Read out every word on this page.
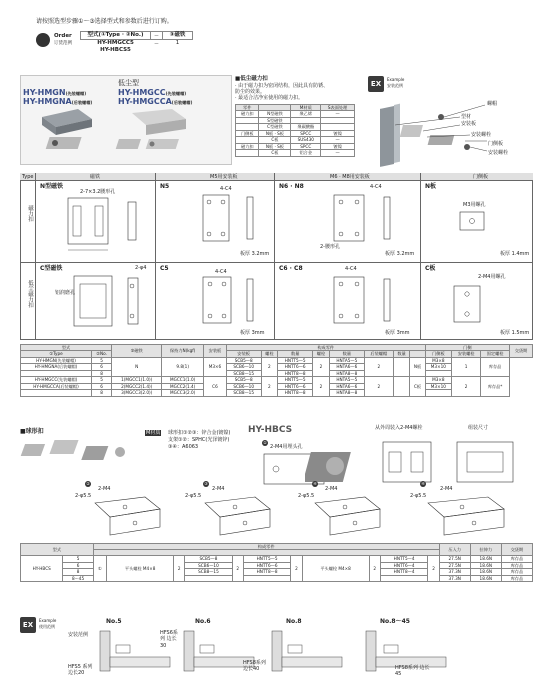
请按照选型步骤①～③选择型式和参数后进行订购。
Order
订货范例
型式(①Type · ②No.)	—	③磁铁
HY-HMGCC5	—	1
HY-HBCS5		
HY-HMGN(先装螺帽)
HY-HMGNA(后装螺帽)
低尘型
HY-HMGCC(先装螺帽)
HY-HMGCCA(后装螺帽)
■低尘磁力扣
· 由于磁力扣为密闭结构，因此具有防锈、
防尘的效果。
· 最适合洁净室使用的磁力扣。
零件		M材质	S表面处理
磁力扣	N型磁铁	聚乙烯	—
	S型磁铁		
	C型磁铁	聚碳酸酯	
门侧板	N板 · S板	SPCC	镀镍
	C板	SUS430	—
磁力扣	N板 · S板	SPCC	镀镍
	C板	铝合金	—
EX
Example
安装范例
螺帽
型材
安装板
安装螺栓
门侧板
安装螺栓
Type	磁铁	M5用安装板	M6 · M8用安装板	门侧板
磁力扣
低尘磁力扣
N型磁铁
2-7×3.2腰形孔
N5	4-C4
板厚 3.2mm
N6 · N8	4-C4
2-腰形孔
板厚 3.2mm
N板
M3用螺孔
板厚 1.4mm
C型磁铁	2-φ4
铝润磨孔
C5	4-C4
板厚 3mm
C6 · C8	4-C4
板厚 3mm
C板
2-M4用螺孔
板厚 1.5mm
型式		③磁铁	保持力N(kgf)	安装板	构成零件								门侧			交货期
①Type	②No.				安装板	螺栓	数量	螺栓	数量	后装螺帽	数量		门侧板	安装螺栓	固定螺栓	
HY-HMGN(先装螺帽)	5	N	9.8(1)	M3×6	SCB5—8	2	HNTT5—5	2	HNTA5—5	2		N板	M3×8	1	库存品	
HY-HMGNA(后装螺帽)	6				SCB6—10		HNTT6—6		HNTA6—6				M3×10			
	8				SCB8—15		HNTT8—8		HNTA8—8							
HY-HMGCC(先装螺帽)	5	1(MGCC1(1.0))	MGCC1(1.0)	C6	SCB5—8	2	HNTT5—5	2	HNTA5—5	2		C板	M3×8	2	库存品*	
HY-HMGCCA(后装螺帽)	6	2(MGCC2(1.4))	MGCC2(1.4)		SCB6—10		HNTT6—6		HNTA6—6				M3×10			
	8	3(MGCC3(2.0))	MGCC3(2.0)		SCB8—15		HNTT8—8		HNTA8—8							
■球形扣	M材质 球形扣①②③：锌合金(镀镍)
支架①②：SPHC(光泽镀锌)
③④：A6063
HY-HBCS	从外周装入2-M4螺栓	组装尺寸
①
2-M4用埋头孔
②
2-M4
2-φ5.5
③
2-M4
2-φ5.5
④
2-M4
2-φ5.5
④
2-M4
2-φ5.5
型式		构成零件											压入力	拉伸力	交货期

HY-HBCS	5	①	平头螺栓 M4×8	2	SCB5—8	2	HNTT5—5	2	平头螺栓 M4×8	2	HNTT5—4	2	27.5N	18.6N	库存品
	6				SCB6—10		HNTT6—6				HNTT6—4		27.5N	18.6N	库存品
	8				SCB8—15		HNTT8—8				HNTT8—4		37.3N	18.6N	库存品
	8～45												37.3N	18.6N	库存品
EX
Example
使用范例
安装范例
No.5
HFS5 系列 边长20
No.6
HFS6系列 边长30
No.8
HFS8系列 边长40
No.8～45
HFS8系列 边长45
